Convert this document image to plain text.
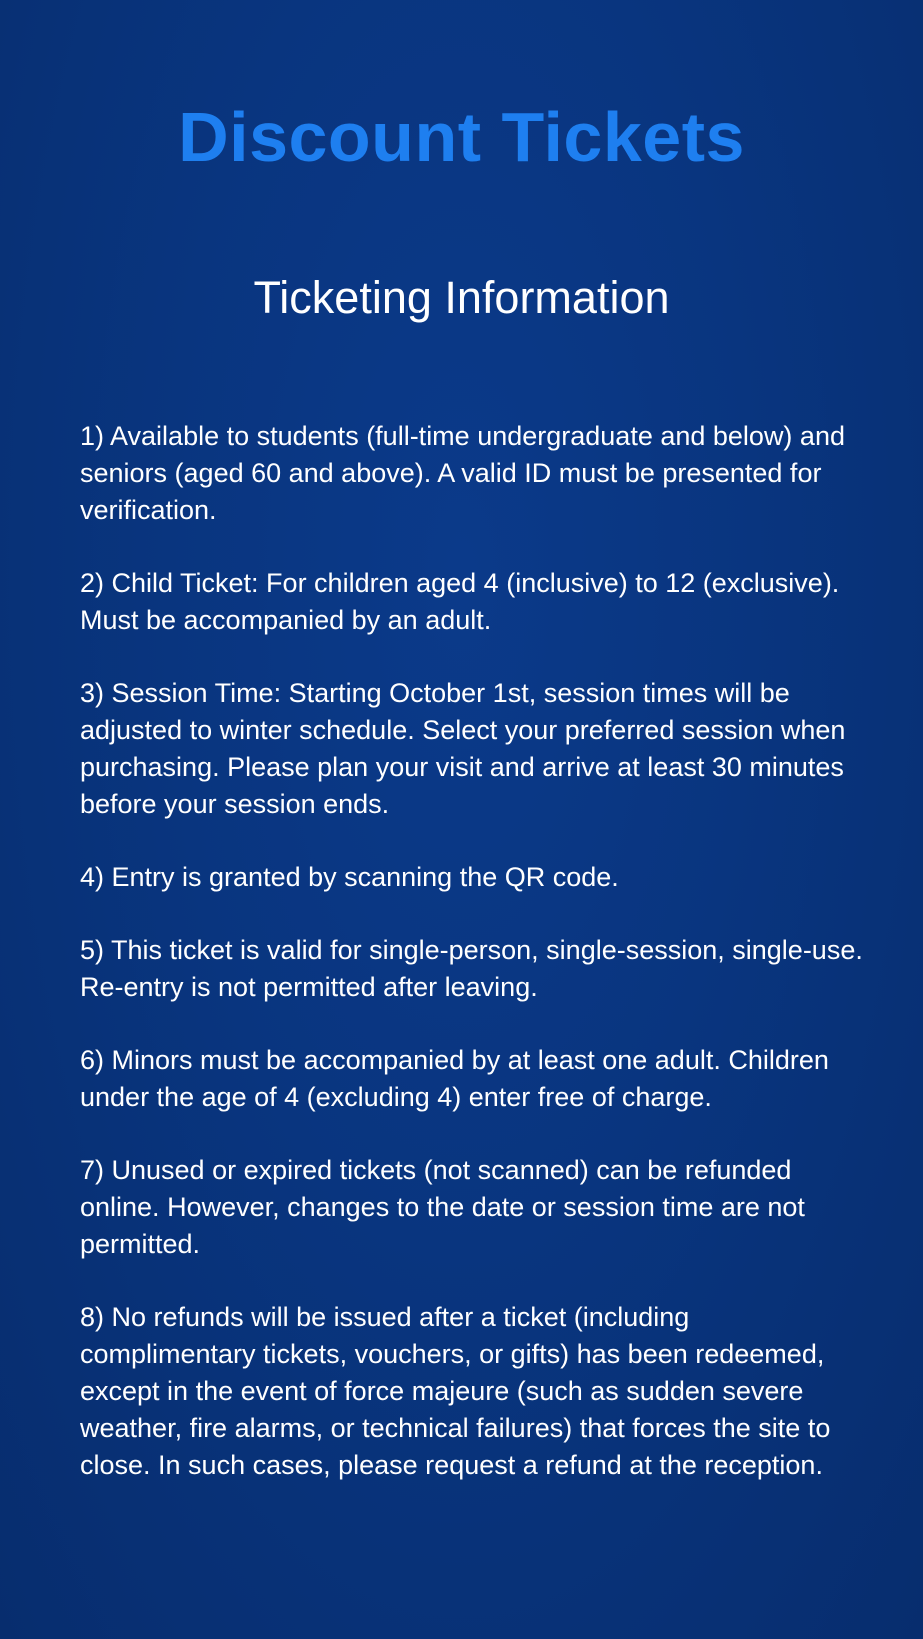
Discount Tickets
Ticketing Information
1) Available to students (full-time undergraduate and below) and seniors (aged 60 and above). A valid ID must be presented for verification.
2) Child Ticket: For children aged 4 (inclusive) to 12 (exclusive). Must be accompanied by an adult.
3) Session Time: Starting October 1st, session times will be adjusted to winter schedule. Select your preferred session when purchasing. Please plan your visit and arrive at least 30 minutes before your session ends.
4) Entry is granted by scanning the QR code.
5) This ticket is valid for single-person, single-session, single-use. Re-entry is not permitted after leaving.
6) Minors must be accompanied by at least one adult. Children under the age of 4 (excluding 4) enter free of charge.
7) Unused or expired tickets (not scanned) can be refunded online. However, changes to the date or session time are not permitted.
8) No refunds will be issued after a ticket (including complimentary tickets, vouchers, or gifts) has been redeemed, except in the event of force majeure (such as sudden severe weather, fire alarms, or technical failures) that forces the site to close. In such cases, please request a refund at the reception.
